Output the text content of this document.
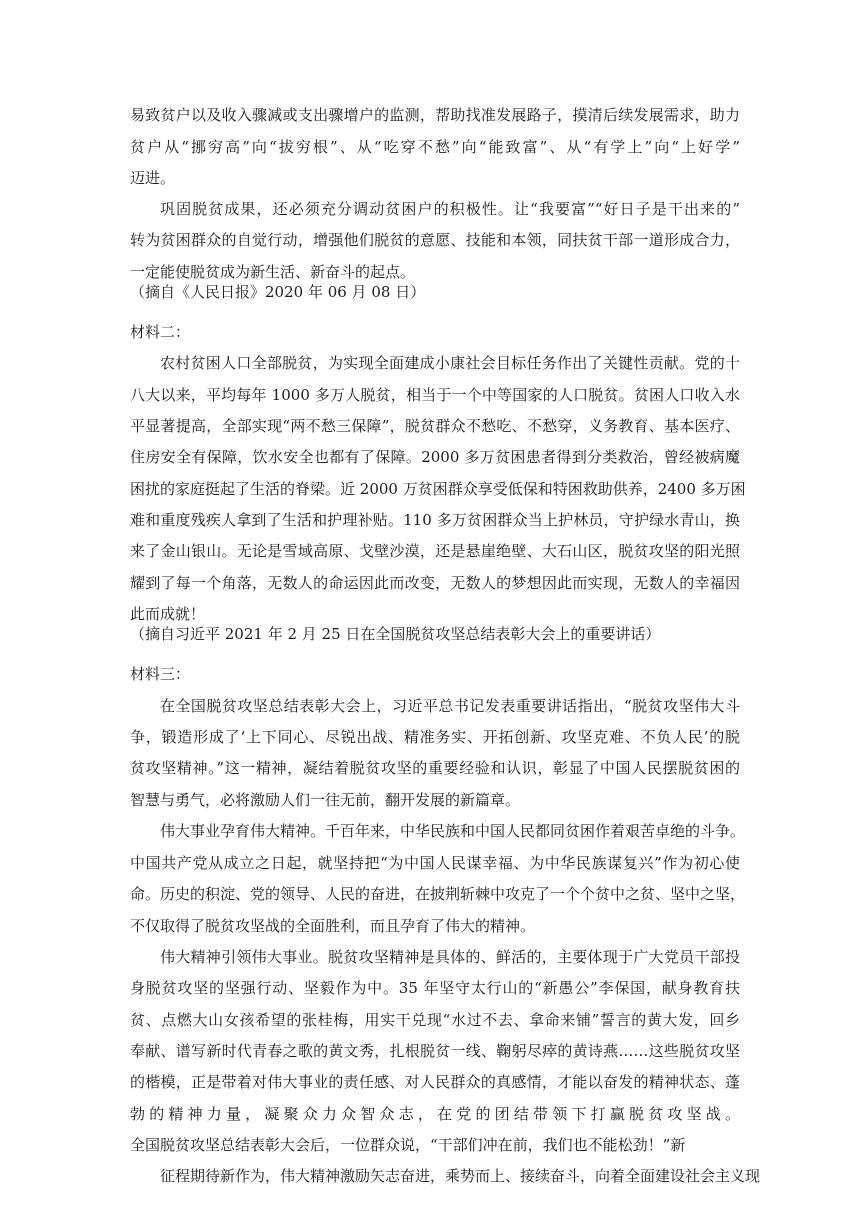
易致贫户以及收入骤减或支出骤增户的监测，帮助找准发展路子，摸清后续发展需求，助力
贫户从“挪穷高”向“拔穷根”、从“吃穿不愁”向“能致富”、从“有学上”向“上好学”
迈进。
巩固脱贫成果，还必须充分调动贫困户的积极性。让“我要富”“好日子是干出来的”
转为贫困群众的自觉行动，增强他们脱贫的意愿、技能和本领，同扶贫干部一道形成合力，
一定能使脱贫成为新生活、新奋斗的起点。
（摘自《人民日报》2020 年 06 月 08 日）
材料二：
农村贫困人口全部脱贫，为实现全面建成小康社会目标任务作出了关键性贡献。党的十
八大以来，平均每年 1000 多万人脱贫，相当于一个中等国家的人口脱贫。贫困人口收入水
平显著提高，全部实现“两不愁三保障”，脱贫群众不愁吃、不愁穿，义务教育、基本医疗、
住房安全有保障，饮水安全也都有了保障。2000 多万贫困患者得到分类救治，曾经被病魔
困扰的家庭挺起了生活的脊梁。近 2000 万贫困群众享受低保和特困救助供养，2400 多万困
难和重度残疾人拿到了生活和护理补贴。110 多万贫困群众当上护林员，守护绿水青山，换
来了金山银山。无论是雪域高原、戈壁沙漠，还是悬崖绝壁、大石山区，脱贫攻坚的阳光照
耀到了每一个角落，无数人的命运因此而改变，无数人的梦想因此而实现，无数人的幸福因
此而成就！
（摘自习近平 2021 年 2 月 25 日在全国脱贫攻坚总结表彰大会上的重要讲话）
材料三：
在全国脱贫攻坚总结表彰大会上，习近平总书记发表重要讲话指出，“脱贫攻坚伟大斗
争，锻造形成了‘上下同心、尽锐出战、精准务实、开拓创新、攻坚克难、不负人民’的脱
贫攻坚精神。”这一精神，凝结着脱贫攻坚的重要经验和认识，彰显了中国人民摆脱贫困的
智慧与勇气，必将激励人们一往无前，翻开发展的新篇章。
伟大事业孕育伟大精神。千百年来，中华民族和中国人民都同贫困作着艰苦卓绝的斗争。
中国共产党从成立之日起，就坚持把“为中国人民谋幸福、为中华民族谋复兴”作为初心使
命。历史的积淀、党的领导、人民的奋进，在披荆斩棘中攻克了一个个贫中之贫、坚中之坚，
不仅取得了脱贫攻坚战的全面胜利，而且孕育了伟大的精神。
伟大精神引领伟大事业。脱贫攻坚精神是具体的、鲜活的，主要体现于广大党员干部投
身脱贫攻坚的坚强行动、坚毅作为中。35 年坚守太行山的“新愚公”李保国，献身教育扶
贫、点燃大山女孩希望的张桂梅，用实干兑现“水过不去、拿命来铺”誓言的黄大发，回乡
奉献、谱写新时代青春之歌的黄文秀，扎根脱贫一线、鞠躬尽瘁的黄诗燕……这些脱贫攻坚
的楷模，正是带着对伟大事业的责任感、对人民群众的真感情，才能以奋发的精神状态、蓬
勃的精神力量，凝聚众力众智众志，在党的团结带领下打赢脱贫攻坚战。
全国脱贫攻坚总结表彰大会后，一位群众说，“干部们冲在前，我们也不能松劲！”新
征程期待新作为，伟大精神激励矢志奋进，乘势而上、接续奋斗，向着全面建设社会主义现
